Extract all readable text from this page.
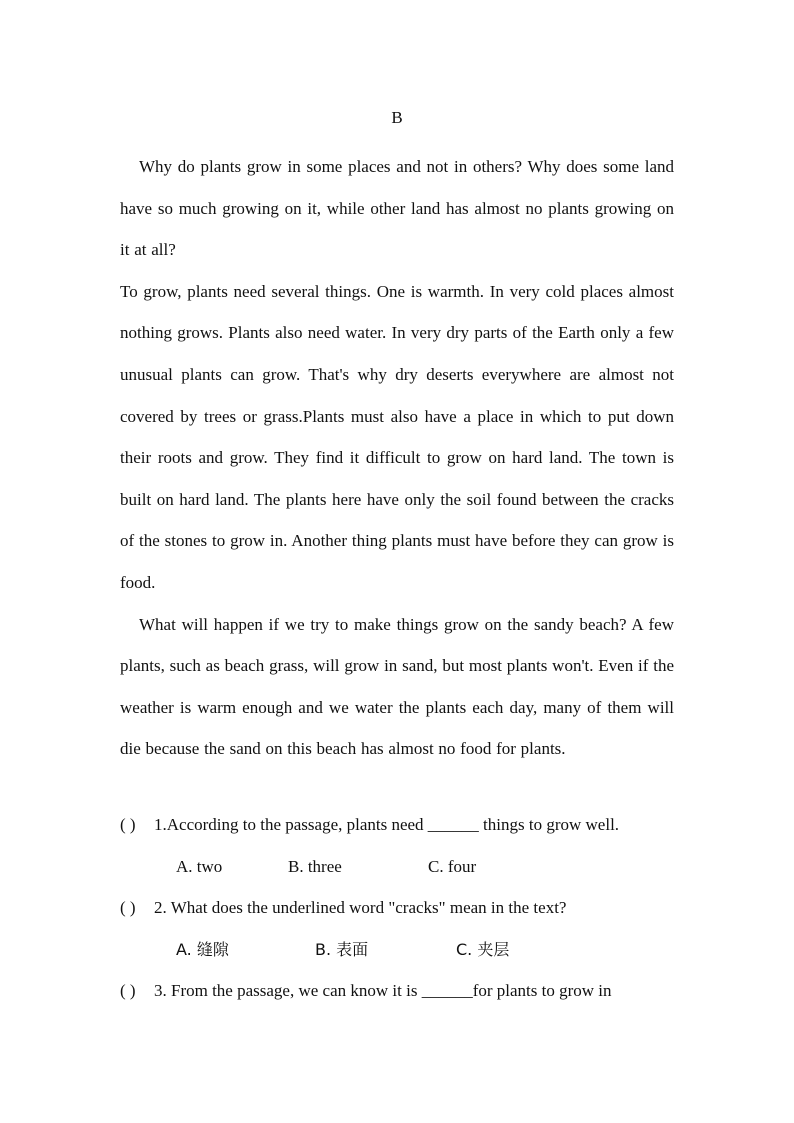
B

Why do plants grow in some places and not in others? Why does some land have so much growing on it, while other land has almost no plants growing on it at all?

To grow, plants need several things. One is warmth. In very cold places almost nothing grows. Plants also need water. In very dry parts of the Earth only a few unusual plants can grow. That's why dry deserts everywhere are almost not covered by trees or grass.Plants must also have a place in which to put down their roots and grow. They find it difficult to grow on hard land. The town is built on hard land. The plants here have only the soil found between the cracks of the stones to grow in. Another thing plants must have before they can grow is food.

What will happen if we try to make things grow on the sandy beach? A few plants, such as beach grass, will grow in sand, but most plants won't. Even if the weather is warm enough and we water the plants each day, many of them will die because the sand on this beach has almost no food for plants.

( ) 1.According to the passage, plants need ______ things to grow well.
A. two	B. three	C. four
( ) 2. What does the underlined word "cracks" mean in the text?
A. 缝隙	B. 表面	C. 夹层
( ) 3. From the passage, we can know it is ______for plants to grow in
